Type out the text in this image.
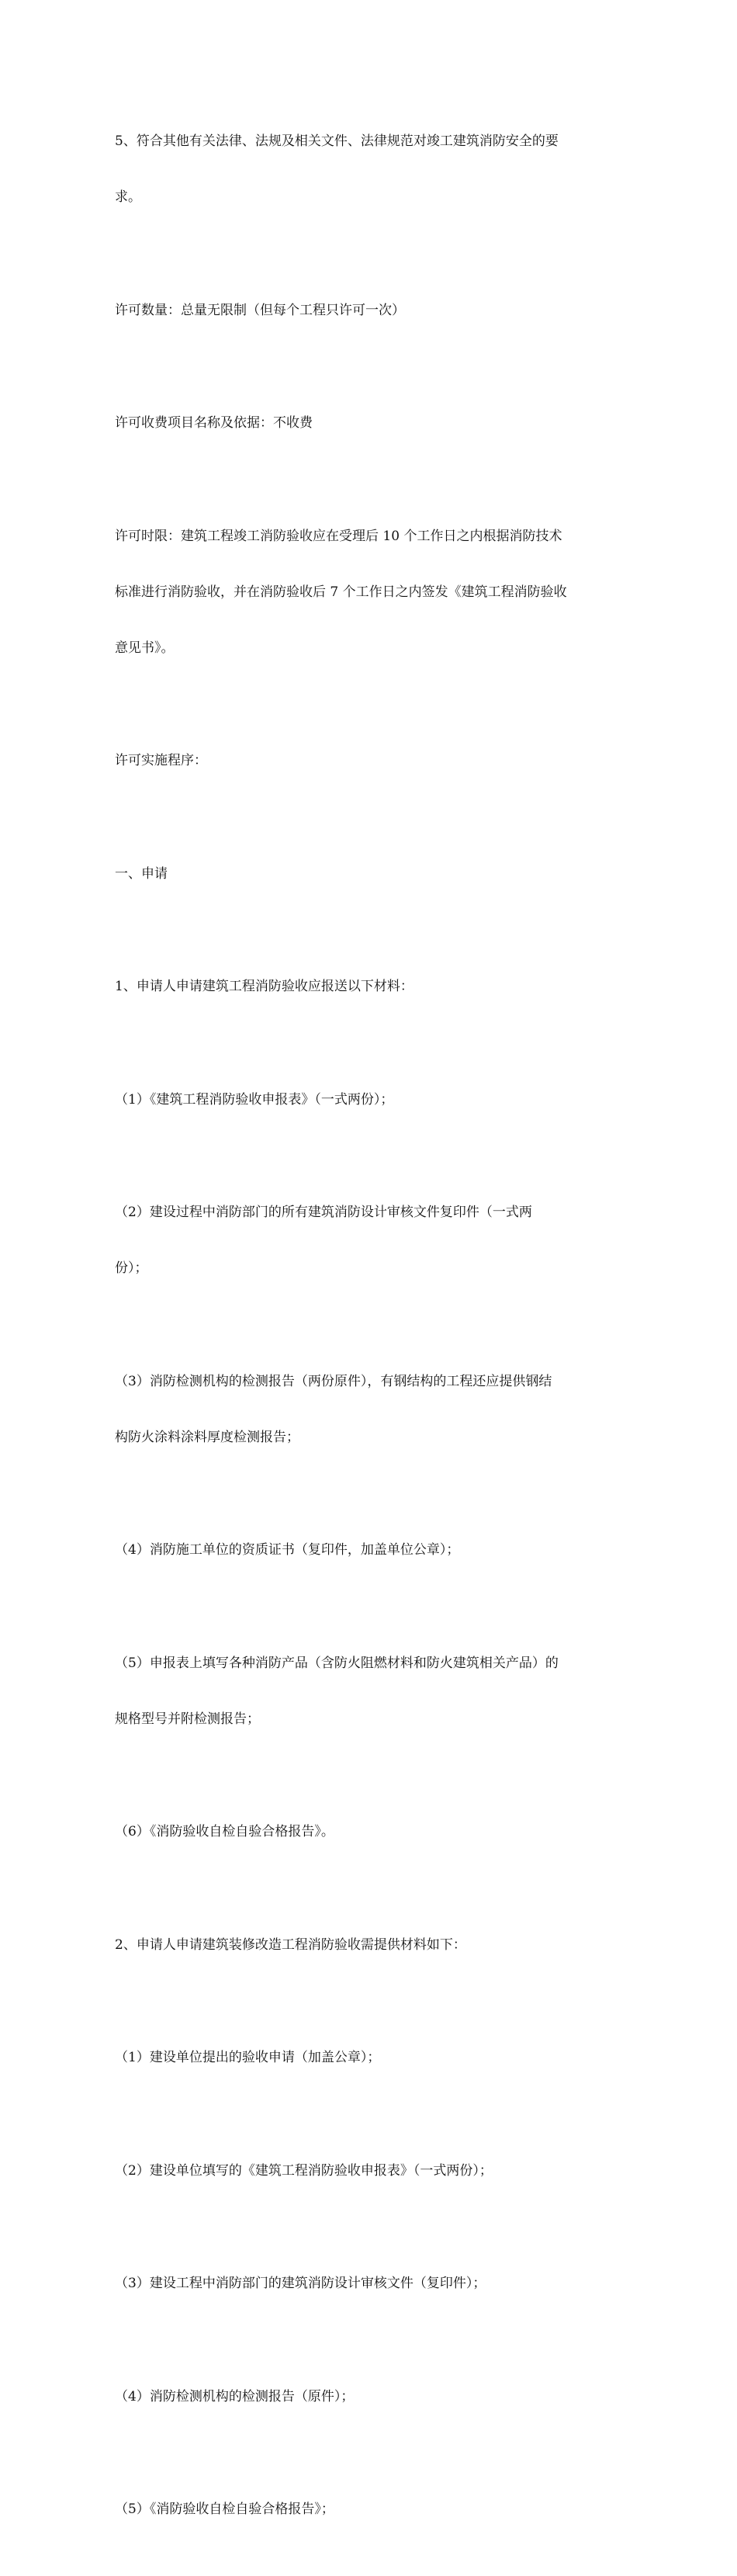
5、符合其他有关法律、法规及相关文件、法律规范对竣工建筑消防安全的要

求。

许可数量：总量无限制（但每个工程只许可一次）

许可收费项目名称及依据：不收费

许可时限：建筑工程竣工消防验收应在受理后 10 个工作日之内根据消防技术

标准进行消防验收，并在消防验收后 7 个工作日之内签发《建筑工程消防验收

意见书》。

许可实施程序：

一、申请

1、申请人申请建筑工程消防验收应报送以下材料：

（1）《建筑工程消防验收申报表》（一式两份）；

（2）建设过程中消防部门的所有建筑消防设计审核文件复印件（一式两

份）；

（3）消防检测机构的检测报告（两份原件），有钢结构的工程还应提供钢结

构防火涂料涂料厚度检测报告；

（4）消防施工单位的资质证书（复印件，加盖单位公章）；

（5）申报表上填写各种消防产品（含防火阻燃材料和防火建筑相关产品）的

规格型号并附检测报告；

（6）《消防验收自检自验合格报告》。

2、申请人申请建筑装修改造工程消防验收需提供材料如下：

（1）建设单位提出的验收申请（加盖公章）；

（2）建设单位填写的《建筑工程消防验收申报表》（一式两份）；

（3）建设工程中消防部门的建筑消防设计审核文件（复印件）；

（4）消防检测机构的检测报告（原件）；

（5）《消防验收自检自验合格报告》；
